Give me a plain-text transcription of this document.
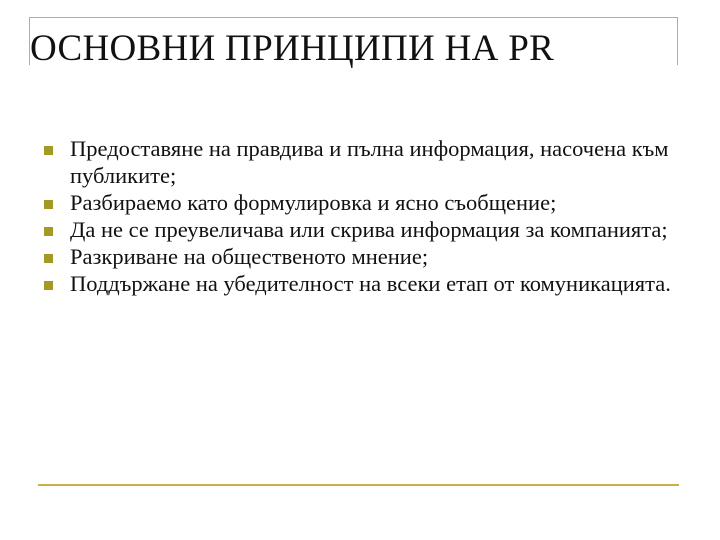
ОСНОВНИ ПРИНЦИПИ НА PR
Предоставяне на правдива и пълна информация, насочена към публиките;
Разбираемо като формулировка и ясно съобщение;
Да не се преувеличава или скрива информация за компанията;
Разкриване на общественото мнение;
Поддържане на убедителност на всеки етап от комуникацията.
